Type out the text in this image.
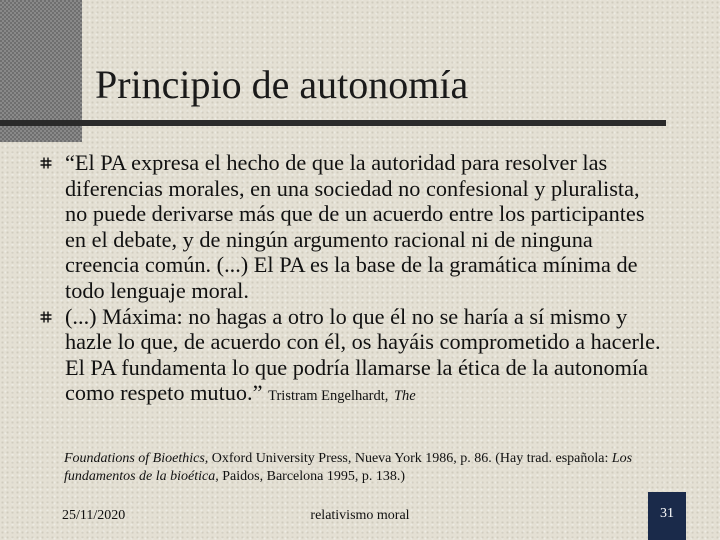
Principio de autonomía
“El PA expresa el hecho de que la autoridad para resolver las diferencias morales, en una sociedad no confesional y pluralista, no puede derivarse más que de un acuerdo entre los participantes en el debate, y de ningún argumento racional ni de ninguna creencia común. (...) El PA es la base de la gramática mínima de todo lenguaje moral.
(...) Máxima: no hagas a otro lo que él no se haría a sí mismo y hazle lo que, de acuerdo con él, os hayáis comprometido a hacerle. El PA fundamenta lo que podría llamarse la ética de la autonomía como respeto mutuo.” Tristram Engelhardt, The

Foundations of Bioethics, Oxford University Press, Nueva York 1986, p. 86. (Hay trad. española: Los fundamentos de la bioética, Paidos, Barcelona 1995, p. 138.)

25/11/2020	relativismo moral	31
